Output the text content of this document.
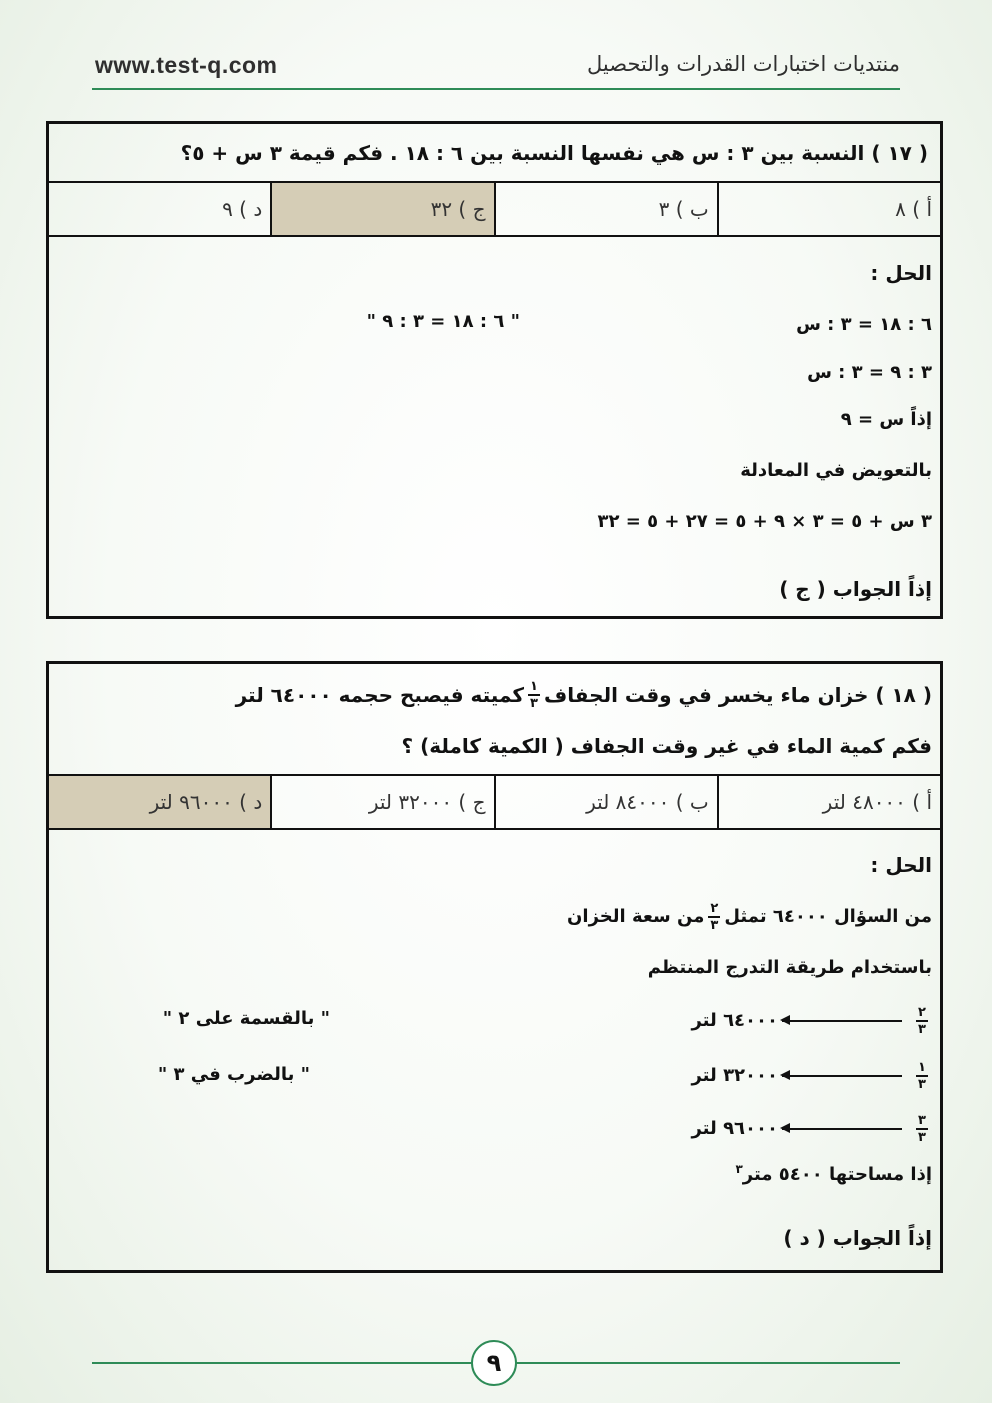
www.test-q.com	منتديات اختبارات القدرات والتحصيل
( ١٧ ) النسبة بين ٣ : س هي نفسها النسبة بين ٦ : ١٨ . فكم قيمة ٣ س + ٥؟
أ ) ٨
ب ) ٣
ج ) ٣٢
د ) ٩
الحل :
٦ : ١٨ = ٣ : س
" ٦ : ١٨ = ٣ : ٩ "
٣ : ٩ = ٣ : س
إذاً س = ٩
بالتعويض في المعادلة
٣ س + ٥ = ٣ × ٩ + ٥ = ٢٧ + ٥ = ٣٢
إذاً الجواب ( ج )
( ١٨ ) خزان ماء يخسر في وقت الجفاف
$\frac{١}{٣}$
كميته فيصبح حجمه ٦٤٠٠٠ لتر
فكم كمية الماء في غير وقت الجفاف ( الكمية كاملة) ؟
أ ) ٤٨٠٠٠ لتر
ب ) ٨٤٠٠٠ لتر
ج ) ٣٢٠٠٠ لتر
د ) ٩٦٠٠٠ لتر
الحل :
من السؤال ٦٤٠٠٠ تمثل
$\frac{٢}{٣}$
من سعة الخزان
باستخدام طريقة التدرج المنتظم
$\frac{٢}{٣}$
٦٤٠٠٠ لتر
$\frac{١}{٣}$
٣٢٠٠٠ لتر
$\frac{٣}{٣}$
٩٦٠٠٠ لتر
" بالقسمة على ٢ "
" بالضرب في ٣ "
إذا مساحتها ٥٤٠٠ متر$^٣$
إذاً الجواب ( د )
٩
